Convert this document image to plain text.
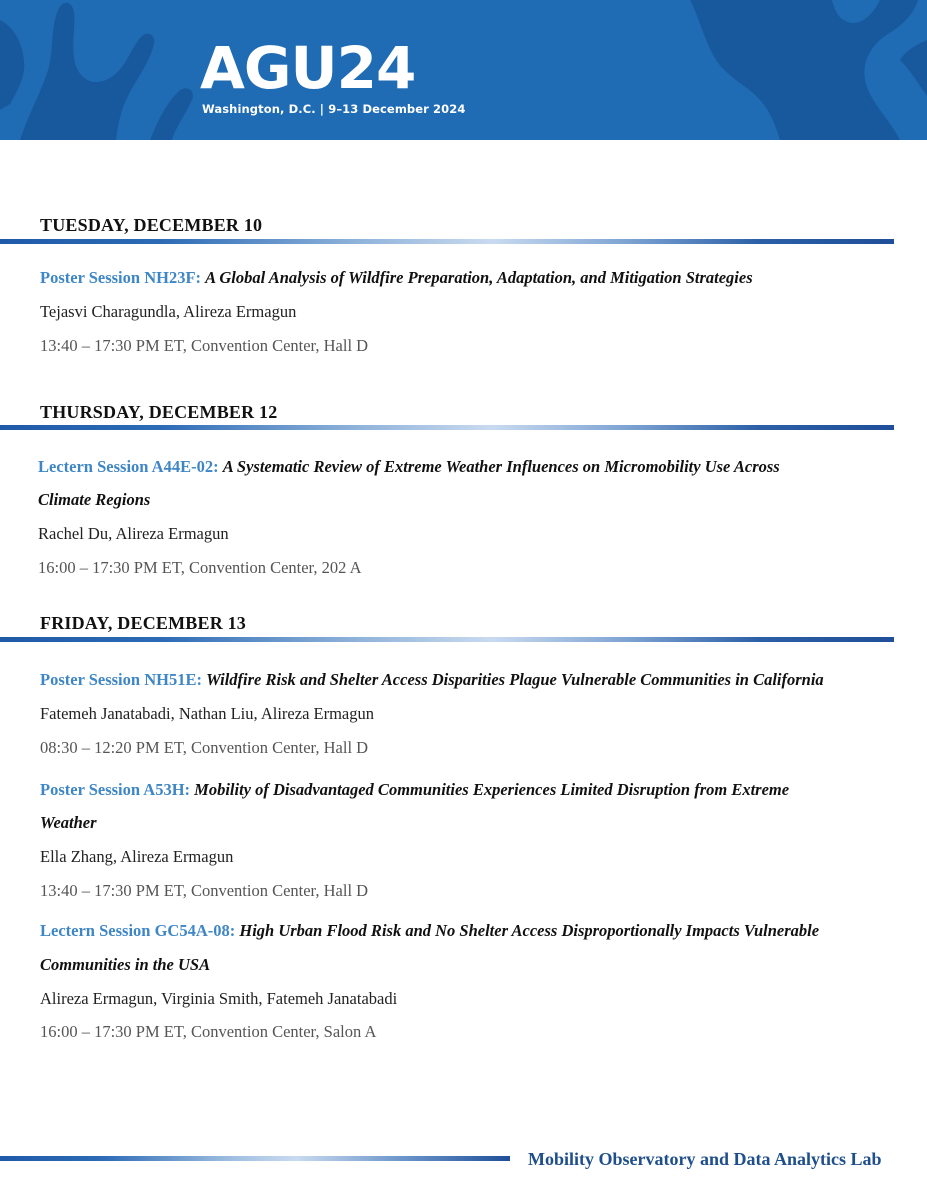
AGU24
Washington, D.C. | 9–13 December 2024
TUESDAY, DECEMBER 10

Poster Session NH23F: A Global Analysis of Wildfire Preparation, Adaptation, and Mitigation Strategies

Tejasvi Charagundla, Alireza Ermagun

13:40 – 17:30 PM ET, Convention Center, Hall D

THURSDAY, DECEMBER 12

Lectern Session A44E-02: A Systematic Review of Extreme Weather Influences on Micromobility Use Across

Climate Regions

Rachel Du, Alireza Ermagun

16:00 – 17:30 PM ET, Convention Center, 202 A

FRIDAY, DECEMBER 13

Poster Session NH51E: Wildfire Risk and Shelter Access Disparities Plague Vulnerable Communities in California

Fatemeh Janatabadi, Nathan Liu, Alireza Ermagun

08:30 – 12:20 PM ET, Convention Center, Hall D

Poster Session A53H: Mobility of Disadvantaged Communities Experiences Limited Disruption from Extreme

Weather

Ella Zhang, Alireza Ermagun

13:40 – 17:30 PM ET, Convention Center, Hall D

Lectern Session GC54A-08: High Urban Flood Risk and No Shelter Access Disproportionally Impacts Vulnerable

Communities in the USA

Alireza Ermagun, Virginia Smith, Fatemeh Janatabadi

16:00 – 17:30 PM ET, Convention Center, Salon A

Mobility Observatory and Data Analytics Lab
